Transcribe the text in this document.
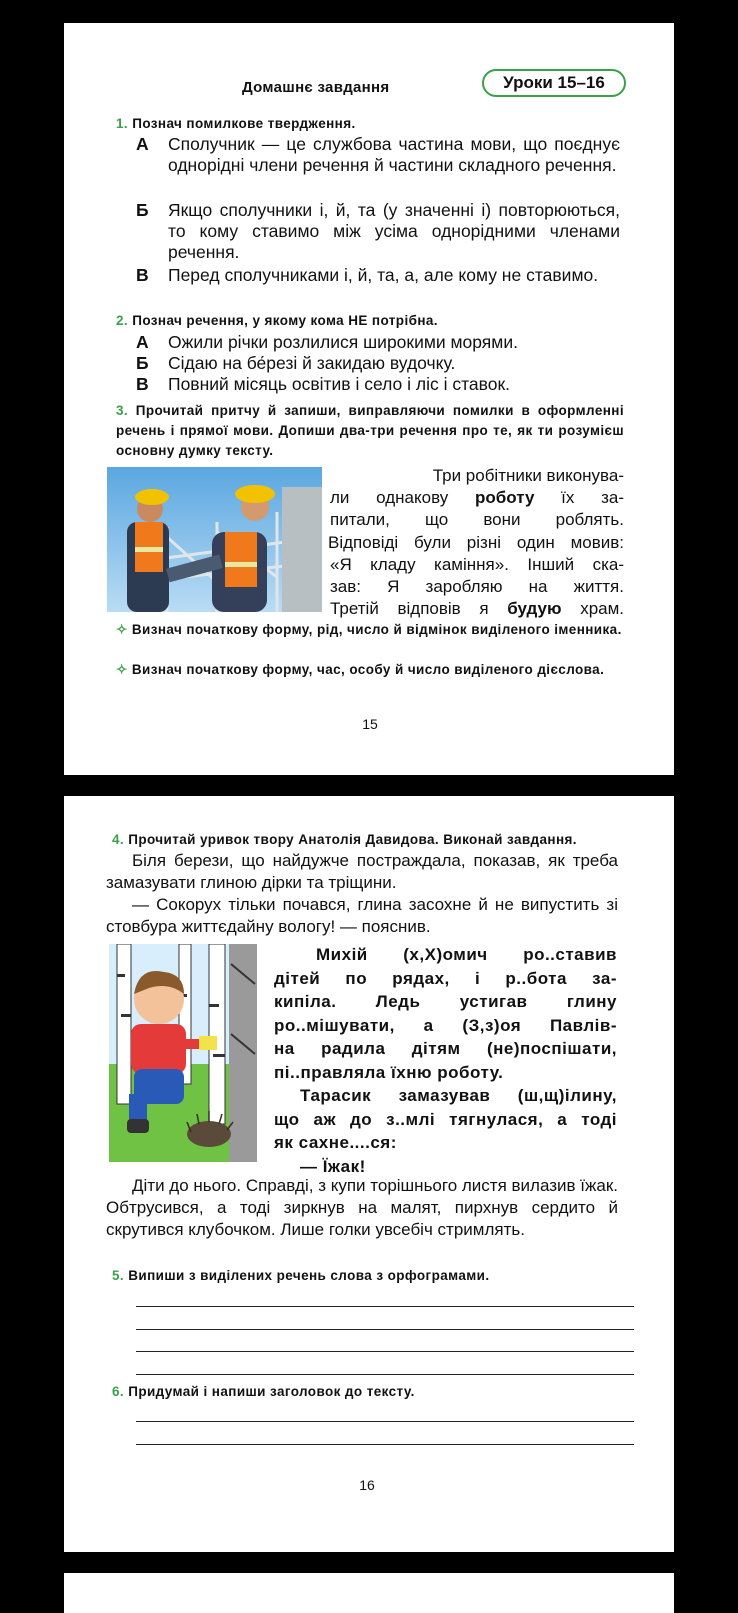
Домашнє завдання	Уроки 15–16
1. Познач помилкове твердження.
А Сполучник — це службова частина мови, що поєднує однорідні члени речення й частини складного речення.
Б Якщо сполучники і, й, та (у значенні і) повторюються, то кому ставимо між усіма однорідними членами речення.
В Перед сполучниками і, й, та, а, але кому не ставимо.
2. Познач речення, у якому кома НЕ потрібна.
А Ожили річки розлилися широкими морями.
Б Сідаю на бе́резі й закидаю вудочку.
В Повний місяць освітив і село і ліс і ставок.
3. Прочитай притчу й запиши, виправляючи помилки в оформленні речень і прямої мови. Допиши два-три речення про те, як ти розумієш основну думку тексту.
Три робітники виконува-
ли однакову роботу їх за-
питали, що вони роблять.
Відповіді були різні один мовив:
«Я кладу каміння». Інший ска-
зав: Я заробляю на життя.
Третій відповів я будую храм.
✧ Визнач початкову форму, рід, число й відмінок виділеного іменника.
✧ Визнач початкову форму, час, особу й число виділеного дієслова.
15
4. Прочитай уривок твору Анатолія Давидова. Виконай завдання.
Біля берези, що найдужче постраждала, показав, як треба замазувати глиною дірки та тріщини.
— Сокорух тільки почався, глина засохне й не випустить зі стовбура життєдайну вологу! — пояснив.
Михій (х,Х)омич ро..ставив
дітей по рядах, і р..бота за-
кипіла. Ледь устигав глину
ро..мішувати, а (З,з)оя Павлів-
на радила дітям (не)поспішати,
пі..правляла їхню роботу.
Тарасик замазував (ш,щ)ілину,
що аж до з..млі тягнулася, а тоді
як сахне....ся:
— Їжак!
Діти до нього. Справді, з купи торішнього листя вилазив їжак. Обтрусився, а тоді зиркнув на малят, пирхнув сердито й скрутився клубочком. Лише голки увсебіч стримлять.
5. Випиши з виділених речень слова з орфограмами.
6. Придумай і напиши заголовок до тексту.
16
